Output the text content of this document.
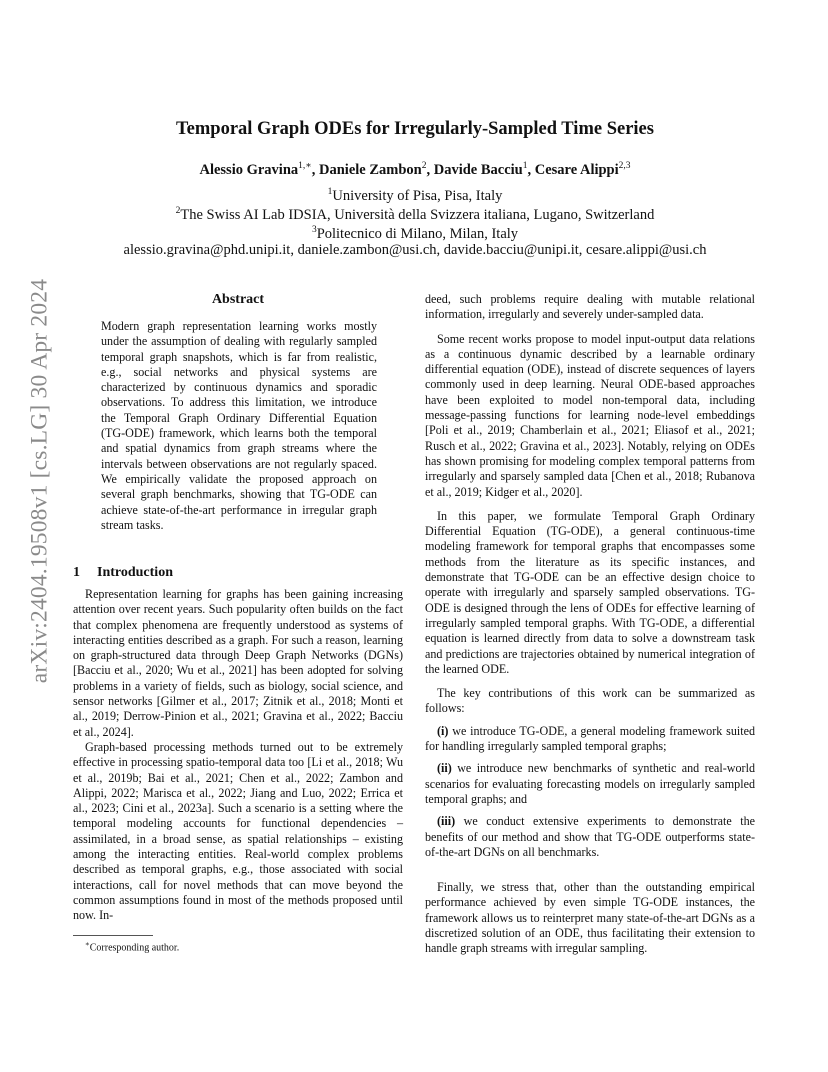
arXiv:2404.19508v1 [cs.LG] 30 Apr 2024
Temporal Graph ODEs for Irregularly-Sampled Time Series
Alessio Gravina$^{1,∗}$, Daniele Zambon$^2$, Davide Bacciu$^1$, Cesare Alippi$^{2,3}$
$^1$University of Pisa, Pisa, Italy
$^2$The Swiss AI Lab IDSIA, Università della Svizzera italiana, Lugano, Switzerland
$^3$Politecnico di Milano, Milan, Italy
alessio.gravina@phd.unipi.it, daniele.zambon@usi.ch, davide.bacciu@unipi.it, cesare.alippi@usi.ch
Abstract
Modern graph representation learning works mostly under the assumption of dealing with regularly sampled temporal graph snapshots, which is far from realistic, e.g., social networks and physical systems are characterized by continuous dynamics and sporadic observations. To address this limitation, we introduce the Temporal Graph Ordinary Differential Equation (TG-ODE) framework, which learns both the temporal and spatial dynamics from graph streams where the intervals between observations are not regularly spaced. We empirically validate the proposed approach on several graph benchmarks, showing that TG-ODE can achieve state-of-the-art performance in irregular graph stream tasks.
1 Introduction

Representation learning for graphs has been gaining increasing attention over recent years. Such popularity often builds on the fact that complex phenomena are frequently understood as systems of interacting entities described as a graph. For such a reason, learning on graph-structured data through Deep Graph Networks (DGNs) [Bacciu et al., 2020; Wu et al., 2021] has been adopted for solving problems in a variety of fields, such as biology, social science, and sensor networks [Gilmer et al., 2017; Zitnik et al., 2018; Monti et al., 2019; Derrow-Pinion et al., 2021; Gravina et al., 2022; Bacciu et al., 2024].

Graph-based processing methods turned out to be extremely effective in processing spatio-temporal data too [Li et al., 2018; Wu et al., 2019b; Bai et al., 2021; Chen et al., 2022; Zambon and Alippi, 2022; Marisca et al., 2022; Jiang and Luo, 2022; Errica et al., 2023; Cini et al., 2023a]. Such a scenario is a setting where the temporal modeling accounts for functional dependencies – assimilated, in a broad sense, as spatial relationships – existing among the interacting entities. Real-world complex problems described as temporal graphs, e.g., those associated with social interactions, call for novel methods that can move beyond the common assumptions found in most of the methods proposed until now. In-

∗Corresponding author.

deed, such problems require dealing with mutable relational information, irregularly and severely under-sampled data.

Some recent works propose to model input-output data relations as a continuous dynamic described by a learnable ordinary differential equation (ODE), instead of discrete sequences of layers commonly used in deep learning. Neural ODE-based approaches have been exploited to model non-temporal data, including message-passing functions for learning node-level embeddings [Poli et al., 2019; Chamberlain et al., 2021; Eliasof et al., 2021; Rusch et al., 2022; Gravina et al., 2023]. Notably, relying on ODEs has shown promising for modeling complex temporal patterns from irregularly and sparsely sampled data [Chen et al., 2018; Rubanova et al., 2019; Kidger et al., 2020].

In this paper, we formulate Temporal Graph Ordinary Differential Equation (TG-ODE), a general continuous-time modeling framework for temporal graphs that encompasses some methods from the literature as its specific instances, and demonstrate that TG-ODE can be an effective design choice to operate with irregularly and sparsely sampled observations. TG-ODE is designed through the lens of ODEs for effective learning of irregularly sampled temporal graphs. With TG-ODE, a differential equation is learned directly from data to solve a downstream task and predictions are trajectories obtained by numerical integration of the learned ODE.

The key contributions of this work can be summarized as follows:

(i) we introduce TG-ODE, a general modeling framework suited for handling irregularly sampled temporal graphs;

(ii) we introduce new benchmarks of synthetic and real-world scenarios for evaluating forecasting models on irregularly sampled temporal graphs; and

(iii) we conduct extensive experiments to demonstrate the benefits of our method and show that TG-ODE outperforms state-of-the-art DGNs on all benchmarks.

Finally, we stress that, other than the outstanding empirical performance achieved by even simple TG-ODE instances, the framework allows us to reinterpret many state-of-the-art DGNs as a discretized solution of an ODE, thus facilitating their extension to handle graph streams with irregular sampling.
